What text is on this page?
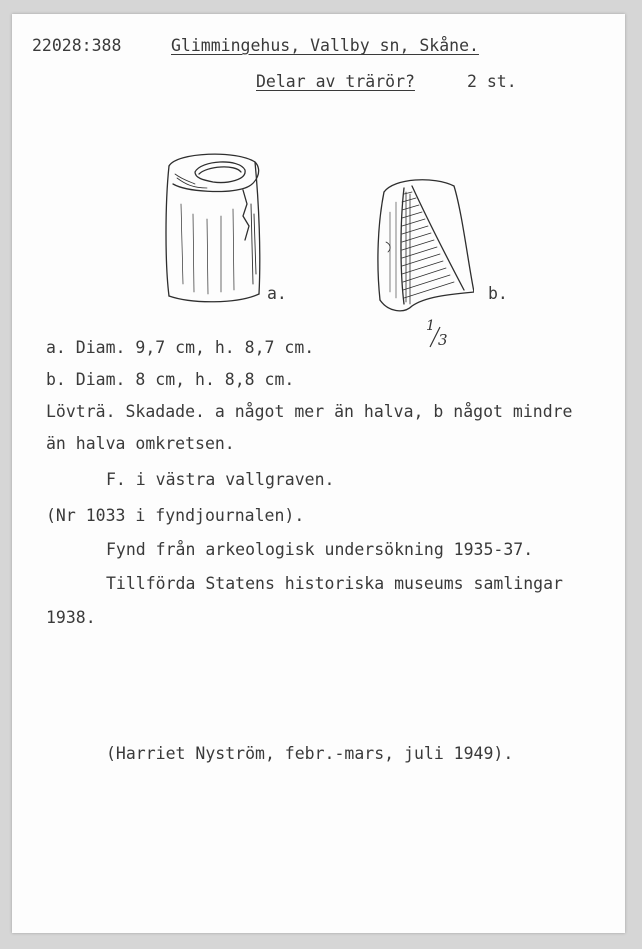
22028:388	Glimmingehus, Vallby sn, Skåne.
Delar av trärör?	2 st.
a.	b.
1
3
a. Diam. 9,7 cm, h. 8,7 cm.
b. Diam. 8 cm, h. 8,8 cm.
Lövträ. Skadade. a något mer än halva, b något mindre
än halva omkretsen.
F. i västra vallgraven.
(Nr 1033 i fyndjournalen).
Fynd från arkeologisk undersökning 1935-37.
Tillförda Statens historiska museums samlingar
1938.
(Harriet Nyström, febr.-mars, juli 1949).
